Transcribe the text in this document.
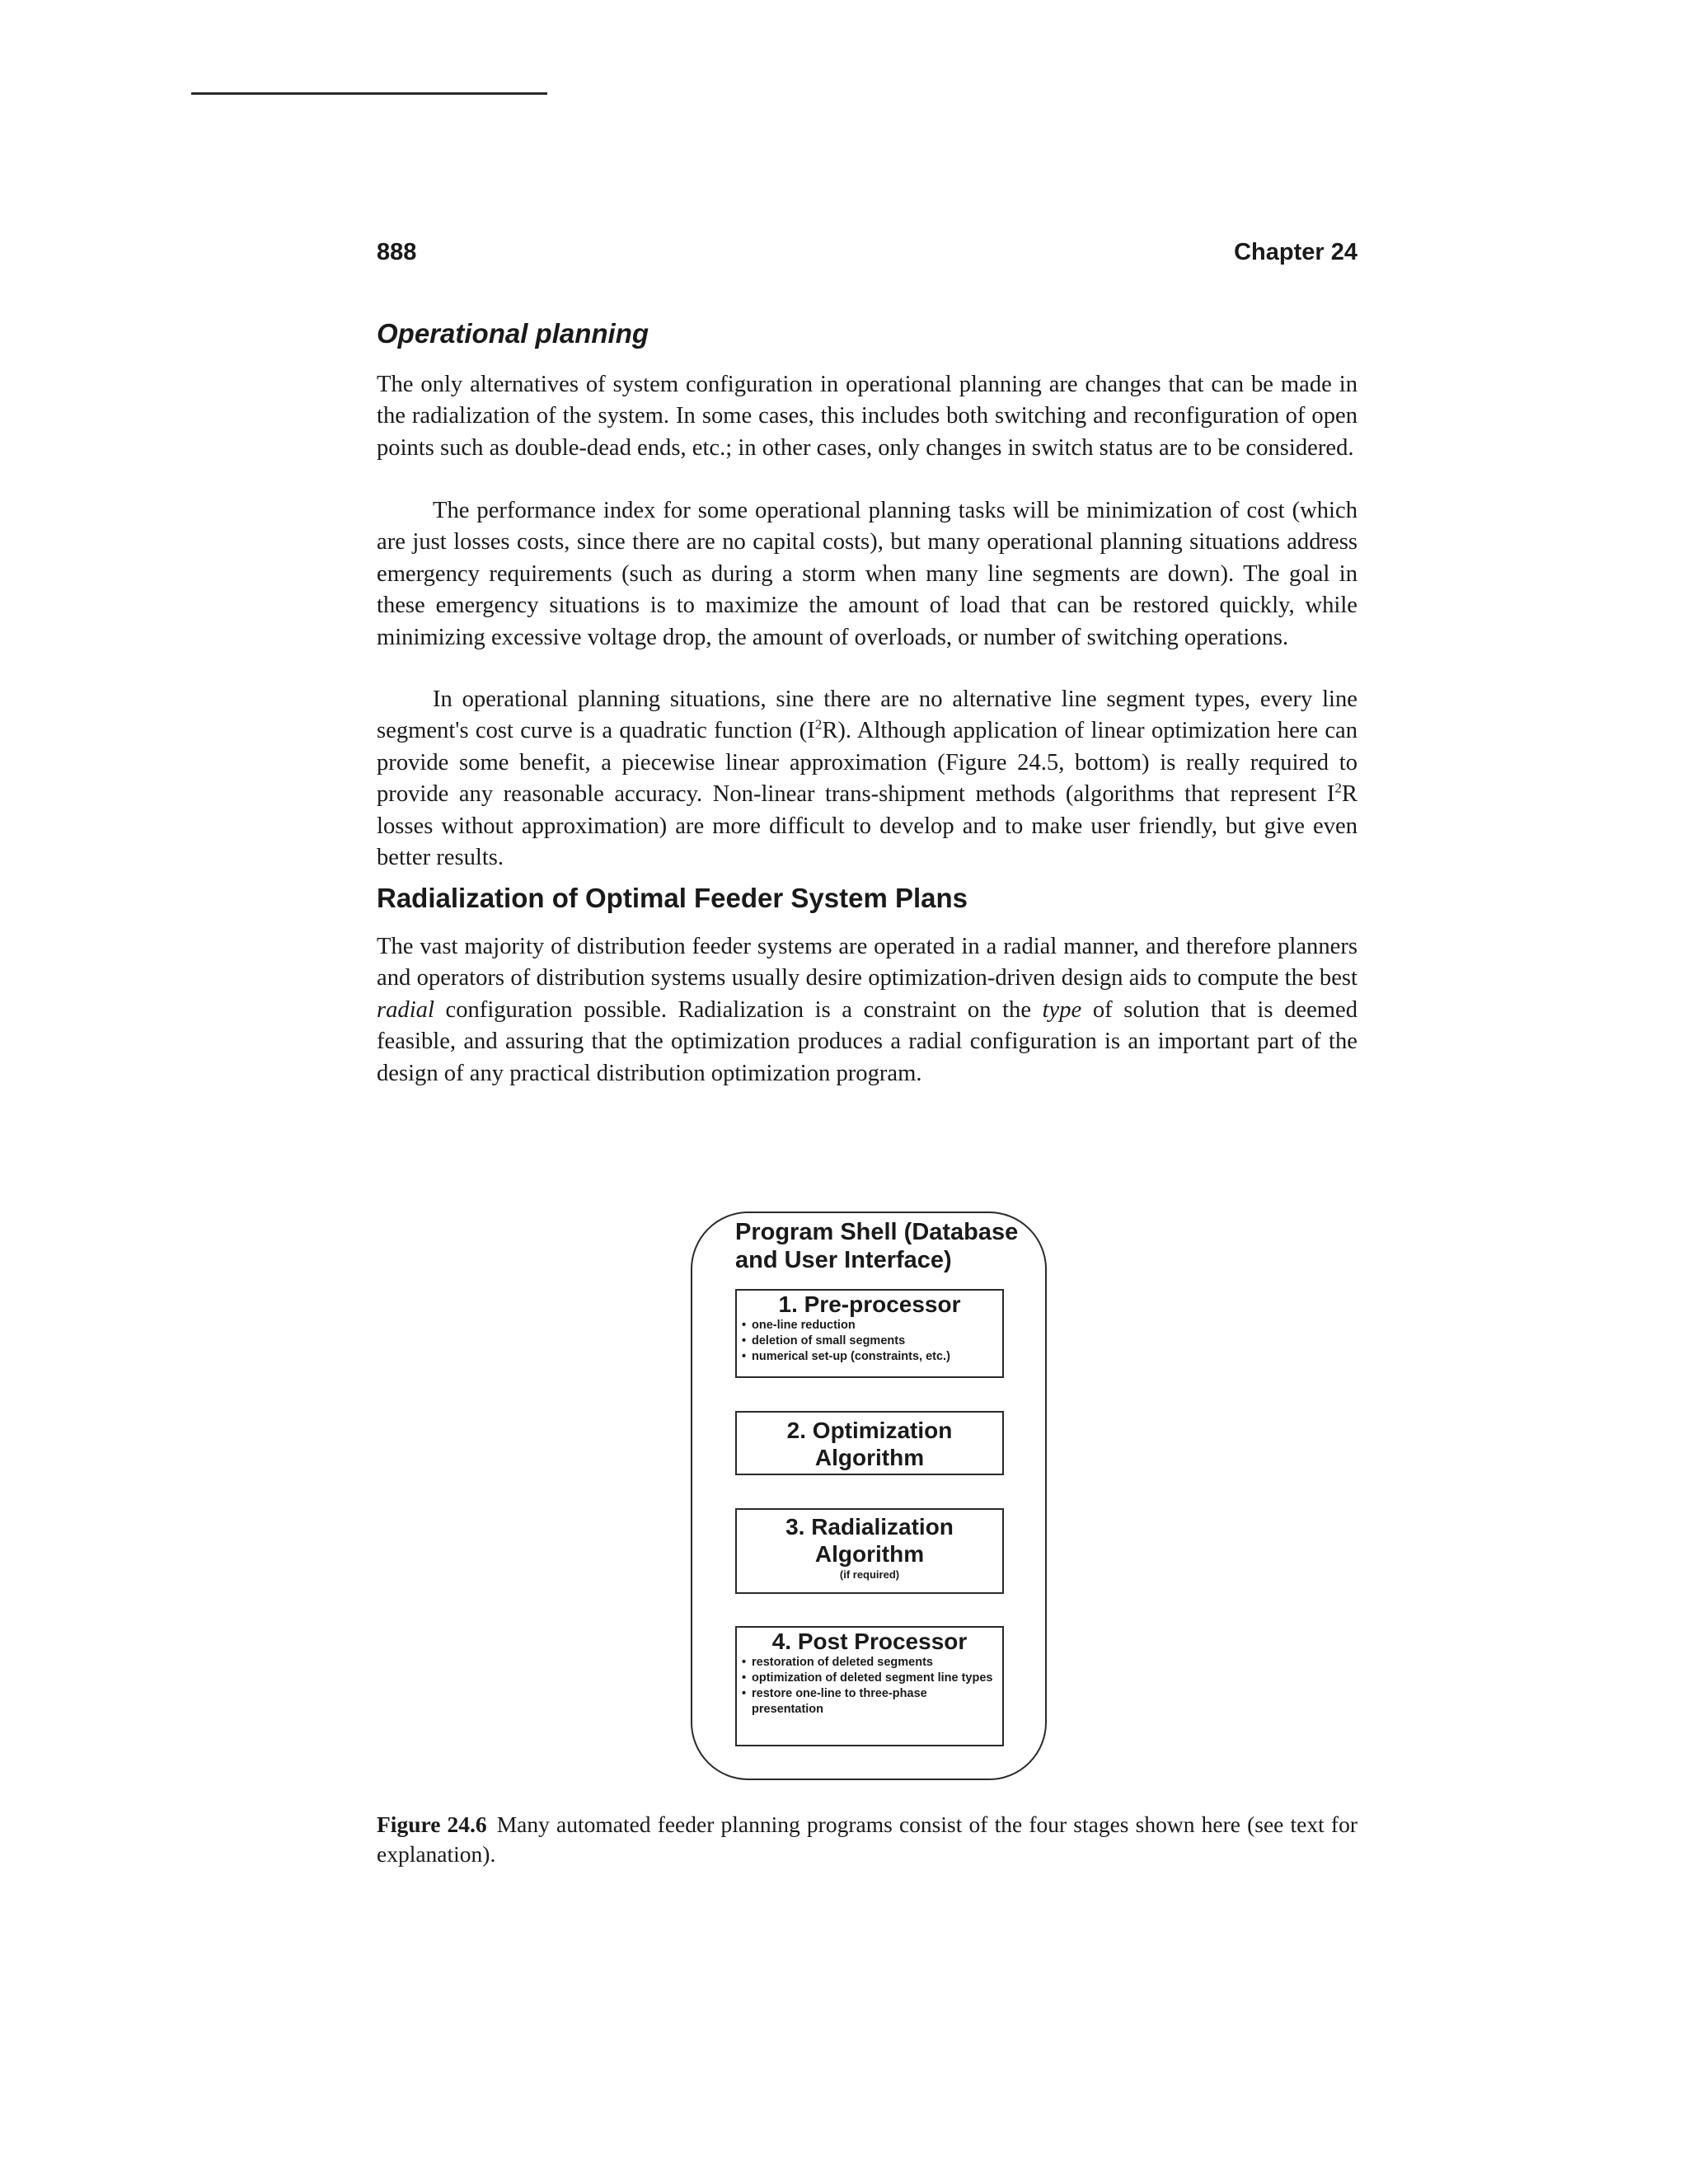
888	Chapter 24
Operational planning

The only alternatives of system configuration in operational planning are changes that can be made in the radialization of the system. In some cases, this includes both switching and reconfiguration of open points such as double-dead ends, etc.; in other cases, only changes in switch status are to be considered.

The performance index for some operational planning tasks will be minimization of cost (which are just losses costs, since there are no capital costs), but many operational planning situations address emergency requirements (such as during a storm when many line segments are down). The goal in these emergency situations is to maximize the amount of load that can be restored quickly, while minimizing excessive voltage drop, the amount of overloads, or number of switching operations.

In operational planning situations, sine there are no alternative line segment types, every line segment's cost curve is a quadratic function $(I^2R)$. Although application of linear optimization here can provide some benefit, a piecewise linear approximation (Figure 24.5, bottom) is really required to provide any reasonable accuracy. Non-linear trans-shipment methods (algorithms that represent $I^2R$ losses without approximation) are more difficult to develop and to make user friendly, but give even better results.

Radialization of Optimal Feeder System Plans

The vast majority of distribution feeder systems are operated in a radial manner, and therefore planners and operators of distribution systems usually desire optimization-driven design aids to compute the best radial configuration possible. Radialization is a constraint on the type of solution that is deemed feasible, and assuring that the optimization produces a radial configuration is an important part of the design of any practical distribution optimization program.

Program Shell (Database and User Interface)
1. Pre-processor
• one-line reduction
• deletion of small segments
• numerical set-up (constraints, etc.)
2. Optimization Algorithm
3. Radialization Algorithm
(if required)
4. Post Processor
• restoration of deleted segments
• optimization of deleted segment line types
• restore one-line to three-phase presentation

Figure 24.6 Many automated feeder planning programs consist of the four stages shown here (see text for explanation).
